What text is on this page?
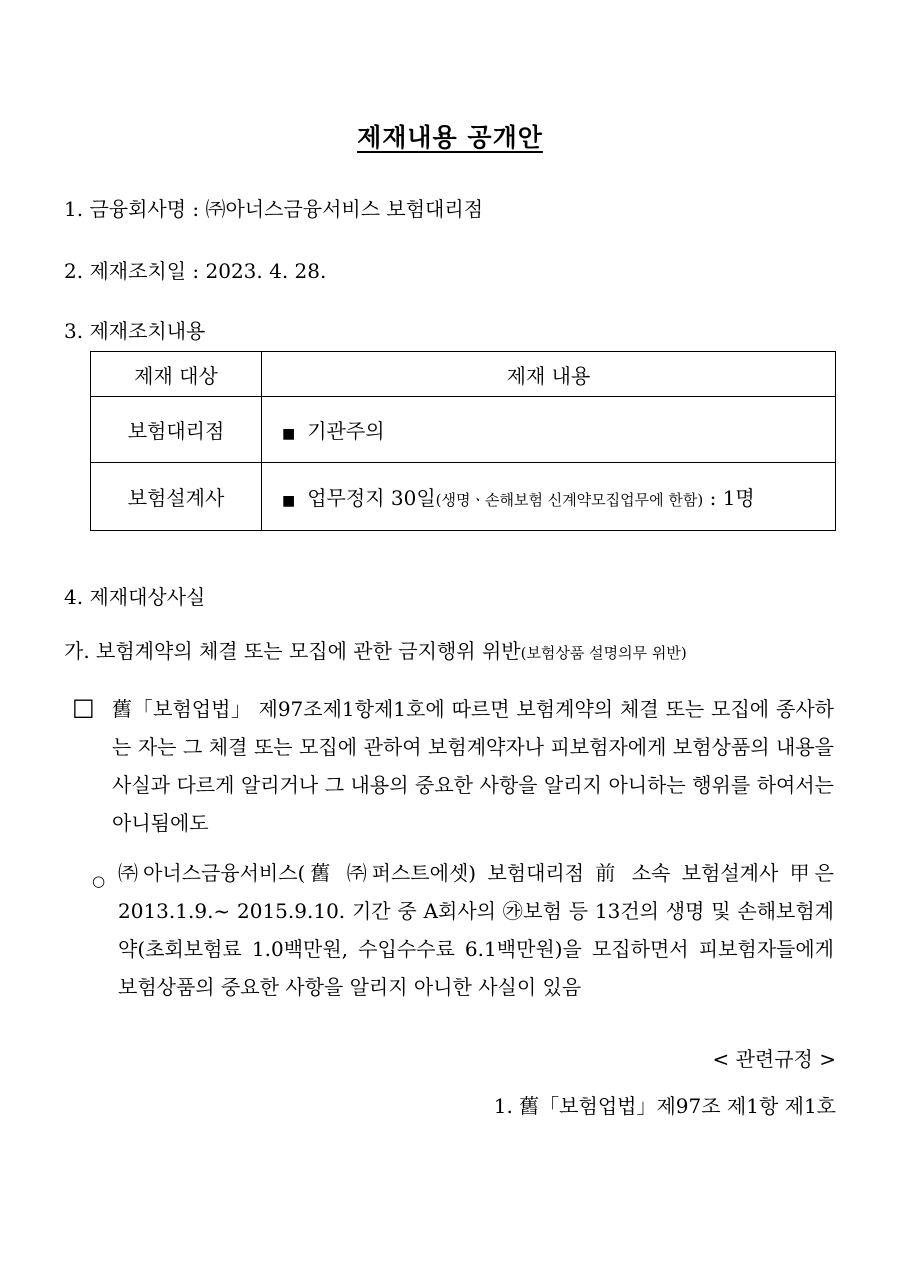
제재내용 공개안
1. 금융회사명 : ㈜아너스금융서비스 보험대리점
2. 제재조치일 : 2023. 4. 28.
3. 제재조치내용
제재 대상	제재 내용
보험대리점	■ 기관주의
보험설계사	■ 업무정지 30일(생명ㆍ손해보험 신계약모집업무에 한함) : 1명
4. 제재대상사실
가. 보험계약의 체결 또는 모집에 관한 금지행위 위반(보험상품 설명의무 위반)
□ 舊「보험업법」 제97조제1항제1호에 따르면 보험계약의 체결 또는 모집에 종사하는 자는 그 체결 또는 모집에 관하여 보험계약자나 피보험자에게 보험상품의 내용을 사실과 다르게 알리거나 그 내용의 중요한 사항을 알리지 아니하는 행위를 하여서는 아니됨에도
○ ㈜아너스금융서비스(舊 ㈜퍼스트에셋) 보험대리점 前 소속 보험설계사 甲은 2013.1.9.~ 2015.9.10. 기간 중 A회사의 ㉮보험 등 13건의 생명 및 손해보험계약(초회보험료 1.0백만원, 수입수수료 6.1백만원)을 모집하면서 피보험자들에게 보험상품의 중요한 사항을 알리지 아니한 사실이 있음
< 관련규정 >
1. 舊「보험업법」제97조 제1항 제1호
